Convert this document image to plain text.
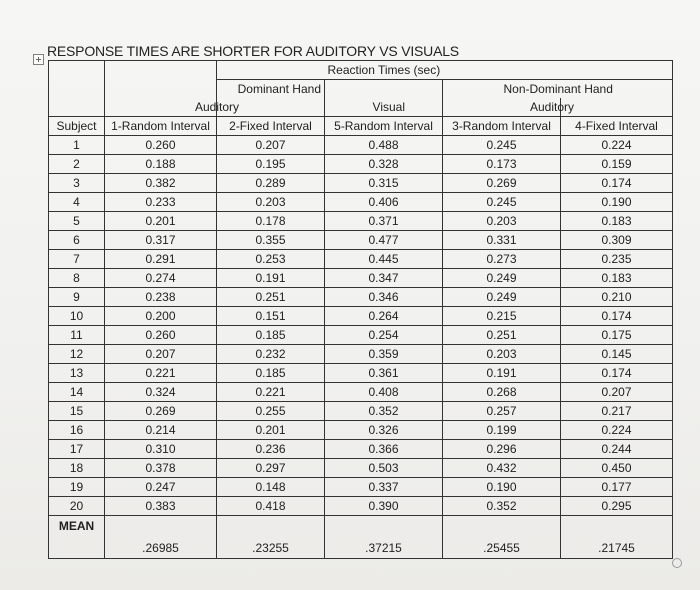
RESPONSE TIMES ARE SHORTER FOR AUDITORY VS VISUALS
			Reaction Times (sec)		
		Dominant Hand			Non-Dominant Hand
	Auditory		Visual		Auditory
Subject	1-Random Interval	2-Fixed Interval	5-Random Interval	3-Random Interval	4-Fixed Interval
1	0.260	0.207	0.488	0.245	0.224
2	0.188	0.195	0.328	0.173	0.159
3	0.382	0.289	0.315	0.269	0.174
4	0.233	0.203	0.406	0.245	0.190
5	0.201	0.178	0.371	0.203	0.183
6	0.317	0.355	0.477	0.331	0.309
7	0.291	0.253	0.445	0.273	0.235
8	0.274	0.191	0.347	0.249	0.183
9	0.238	0.251	0.346	0.249	0.210
10	0.200	0.151	0.264	0.215	0.174
11	0.260	0.185	0.254	0.251	0.175
12	0.207	0.232	0.359	0.203	0.145
13	0.221	0.185	0.361	0.191	0.174
14	0.324	0.221	0.408	0.268	0.207
15	0.269	0.255	0.352	0.257	0.217
16	0.214	0.201	0.326	0.199	0.224
17	0.310	0.236	0.366	0.296	0.244
18	0.378	0.297	0.503	0.432	0.450
19	0.247	0.148	0.337	0.190	0.177
20	0.383	0.418	0.390	0.352	0.295
MEAN	.26985	.23255	.37215	.25455	.21745
